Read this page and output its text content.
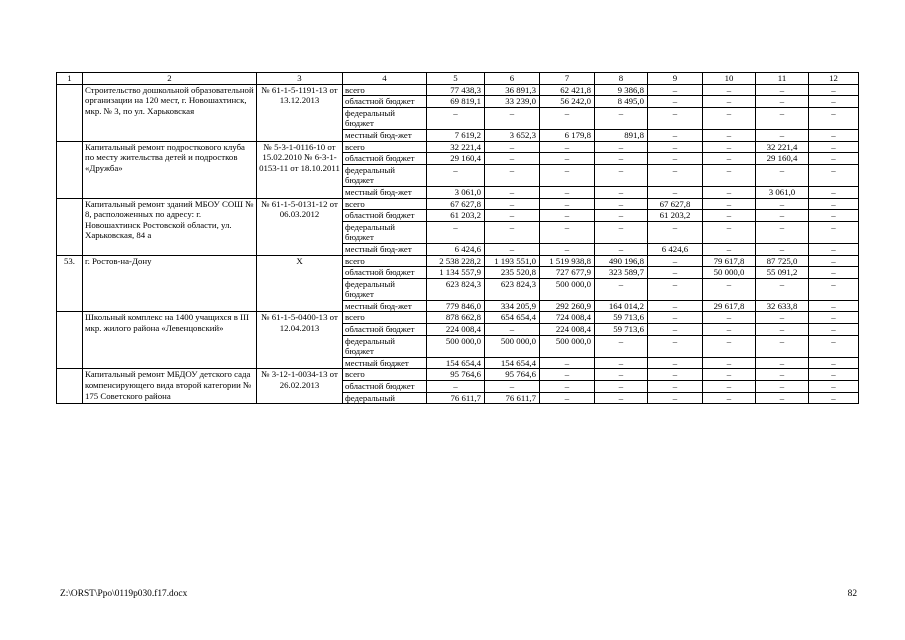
1	2	3	4	5	6	7	8	9	10	11	12
	Строительство дошкольной образовательной организации на 120 мест, г. Новошахтинск, мкр. № 3, по ул. Харьковская	№ 61-1-5-1191-13 от 13.12.2013	всего	77 438,3	36 891,3	62 421,8	9 386,8	–	–	–	–
			областной бюджет	69 819,1	33 239,0	56 242,0	8 495,0	–	–	–	–
			федеральный бюджет	–	–	–	–	–	–	–	–
			местный бюд-жет	7 619,2	3 652,3	6 179,8	891,8	–	–	–	–
	Капитальный ремонт подросткового клуба по месту жительства детей и подростков «Дружба»	№ 5-3-1-0116-10 от 15.02.2010 № 6-3-1-0153-11 от 18.10.2011	всего	32 221,4	–	–	–	–	–	32 221,4	–
			областной бюджет	29 160,4	–	–	–	–	–	29 160,4	–
			федеральный бюджет	–	–	–	–	–	–	–	–
			местный бюд-жет	3 061,0	–	–	–	–	–	3 061,0	–
	Капитальный ремонт зданий МБОУ СОШ № 8, расположенных по адресу: г. Новошахтинск Ростовской области, ул. Харьковская, 84 а	№ 61-1-5-0131-12 от 06.03.2012	всего	67 627,8	–	–	–	67 627,8	–	–	–
			областной бюджет	61 203,2	–	–	–	61 203,2	–	–	–
			федеральный бюджет	–	–	–	–	–	–	–	–
			местный бюд-жет	6 424,6	–	–	–	6 424,6	–	–	–
53.	г. Ростов-на-Дону	X	всего	2 538 228,2	1 193 551,0	1 519 938,8	490 196,8	–	79 617,8	87 725,0	–
			областной бюджет	1 134 557,9	235 520,8	727 677,9	323 589,7	–	50 000,0	55 091,2	–
			федеральный бюджет	623 824,3	623 824,3	500 000,0	–	–	–	–	–
			местный бюд-жет	779 846,0	334 205,9	292 260,9	164 014,2	–	29 617,8	32 633,8	–
	Школьный комплекс на 1400 учащихся в III мкр. жилого района «Левенцовский»	№ 61-1-5-0400-13 от 12.04.2013	всего	878 662,8	654 654,4	724 008,4	59 713,6	–	–	–	–
			областной бюджет	224 008,4	–	224 008,4	59 713,6	–	–	–	–
			федеральный бюджет	500 000,0	500 000,0	500 000,0	–	–	–	–	–
			местный бюджет	154 654,4	154 654,4	–	–	–	–	–	–
	Капитальный ремонт МБДОУ детского сада компенсирующего вида второй категории № 175 Советского района	№ 3-12-1-0034-13 от 26.02.2013	всего	95 764,6	95 764,6	–	–	–	–	–	–
			областной бюджет	–	–	–	–	–	–	–	–
			федеральный	76 611,7	76 611,7	–	–	–	–	–	–
Z:\ORST\Ppo\0119p030.f17.docx	82
